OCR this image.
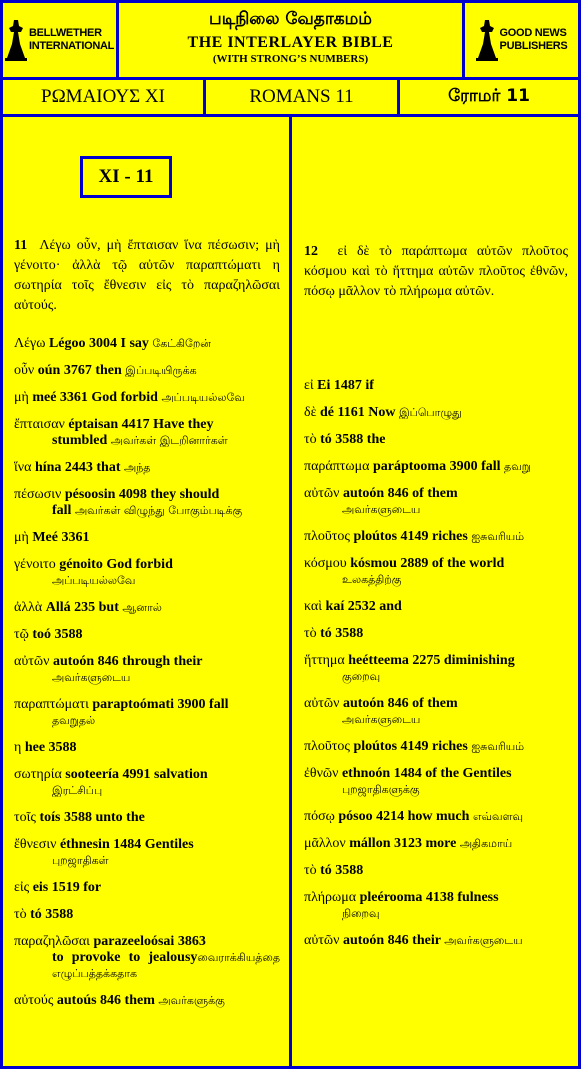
BELLWETHER
INTERNATIONAL
படிநிலை வேதாகமம்
THE INTERLAYER BIBLE
(WITH STRONG’S NUMBERS)
GOOD NEWS
PUBLISHERS
ΡΩΜΑΙΟΥΣ XI	ROMANS 11	ரோமர் 11
XI - 11
11 Λέγω οὖν, μὴ ἔπταισαν ἵνα πέσωσιν; μὴ γένοιτο· ἀλλὰ τῷ αὐτῶν παραπτώματι η σωτηρία τοῖς ἔθνεσιν εἰς τὸ παραζηλῶσαι αὐτούς.
Λέγω Légoo 3004 I say கேட்கிறேன்
οὖν oún 3767 then இப்படியிருக்க
μὴ meé 3361 God forbid அப்படியல்லவே
ἔπταισαν éptaisan 4417 Have they
stumbled அவர்கள் இடறினார்கள்
ἵνα hína 2443 that அந்த
πέσωσιν pésoosin 4098 they should
fall அவர்கள் விழுந்து போகும்படிக்கு
μὴ Meé 3361
γένοιτο génoito God forbid
அப்படியல்லவே
ἀλλὰ Allá 235 but ஆனால்
τῷ toó 3588
αὐτῶν autoón 846 through their
அவர்களுடைய
παραπτώματι paraptoómati 3900 fall
தவறுதல்
η hee 3588
σωτηρία sooteería 4991 salvation
இரட்சிப்பு
τοῖς toís 3588 unto the
ἔθνεσιν éthnesin 1484 Gentiles
புறஜாதிகள்
εἰς eis 1519 for
τὸ tó 3588
παραζηλῶσαι parazeeloósai 3863
to provoke to jealousyவைராக்கியத்தை எழுப்பத்தக்கதாக
αὐτούς autoús 846 them அவர்களுக்கு
12 εἰ δὲ τὸ παράπτωμα αὐτῶν πλοῦτος κόσμου καὶ τὸ ἥττημα αὐτῶν πλοῦτος ἐθνῶν, πόσῳ μᾶλλον τὸ πλήρωμα αὐτῶν.
εἰ Ei 1487 if
δὲ dé 1161 Now இப்பொழுது
τὸ tó 3588 the
παράπτωμα paráptooma 3900 fall தவறு
αὐτῶν autoón 846 of them
அவர்களுடைய
πλοῦτος ploútos 4149 riches ஐசுவரியம்
κόσμου kósmou 2889 of the world
உலகத்திற்கு
καὶ kaí 2532 and
τὸ tó 3588
ἥττημα heétteema 2275 diminishing
குறைவு
αὐτῶν autoón 846 of them
அவர்களுடைய
πλοῦτος ploútos 4149 riches ஐசுவரியம்
ἐθνῶν ethnoón 1484 of the Gentiles
புறஜாதிகளுக்கு
πόσῳ pósoo 4214 how much எவ்வளவு
μᾶλλον mállon 3123 more அதிகமாய்
τὸ tó 3588
πλήρωμα pleérooma 4138 fulness
நிறைவு
αὐτῶν autoón 846 their அவர்களுடைய
